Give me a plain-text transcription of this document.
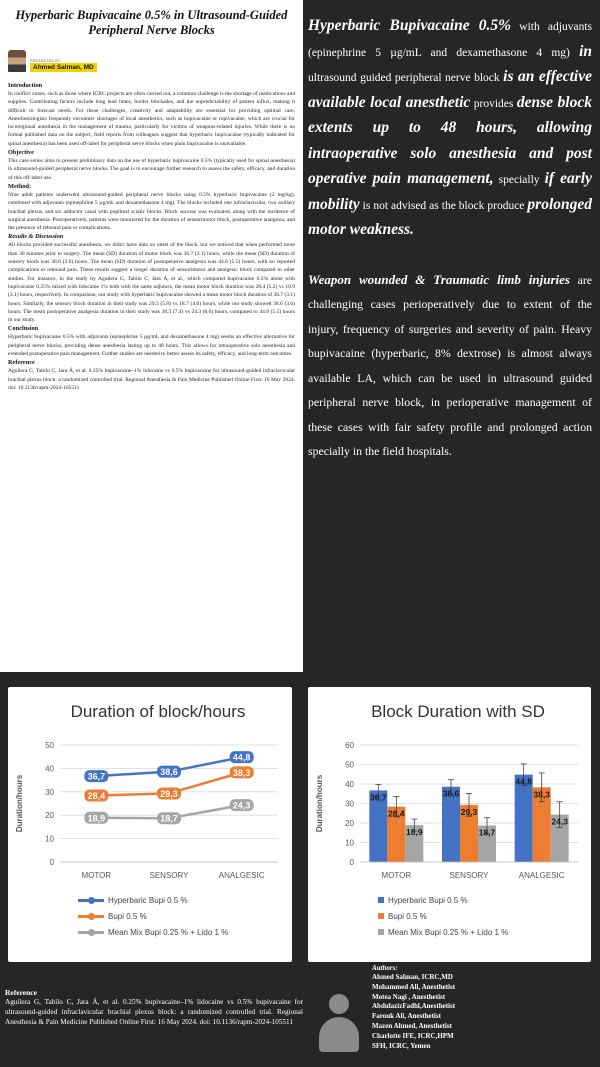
Hyperbaric Bupivacaine 0.5% in Ultrasound-Guided Peripheral Nerve Blocks
PRESENTED BY
Ahmed Salman, MD
Introduction
In conflict zones, such as those where ICRC projects are often carried out, a common challenge is the shortage of medications and supplies. Contributing factors include long lead times, border blockades, and the unpredictability of patient influx, making it difficult to forecast needs. For these challenges, creativity and adaptability are essential for providing optimal care. Anesthesiologists frequently encounter shortages of local anesthetics, such as bupivacaine or ropivacaine, which are crucial for locoregional anesthesia in the management of trauma, particularly for victims of weapons-related injuries. While there is no formal published data on the subject, field reports from colleagues suggest that hyperbaric bupivacaine (typically indicated for spinal anesthesia) has been used off-label for peripheral nerve blocks when plain bupivacaine is unavailable.
Objective
This case series aims to present preliminary data on the use of hyperbaric bupivacaine 0.5% (typically used for spinal anesthesia) in ultrasound-guided peripheral nerve blocks. The goal is to encourage further research to assess the safety, efficacy, and duration of this off-label use.
Method:
Nine adult patients underwent ultrasound-guided peripheral nerve blocks using 0.5% hyperbaric bupivacaine (2 mg/kg), combined with adjuvants (epinephrine 5 µg/mL and dexamethasone 4 mg). The blocks included one infraclavicular, two axillary brachial plexus, and six adductor canal with popliteal sciatic blocks. Block success was evaluated, along with the incidence of surgical anesthesia. Postoperatively, patients were monitored for the duration of sensorimotor block, postoperative analgesia, and the presence of rebound pain or complications.
Results & Discussion
All blocks provided successful anesthesia, we didn't have data on onset of the block, but we noticed that when performed more than 30 minutes prior to surgery. The mean (SD) duration of motor block was 36.7 (3.1) hours, while the mean (SD) duration of sensory block was 38.6 (3.6) hours. The mean (SD) duration of postoperative analgesia was 44.8 (5.5) hours, with no reported complications or rebound pain. These results suggest a longer duration of sensorimotor and analgesic block compared to other studies. For instance, in the study by Aguilera G, Tabilo C, Jara Á, et al., which compared bupivacaine 0.5% alone with bupivacaine 0.25% mixed with lidocaine 1% both with the same adjuncts, the mean motor block duration was 28.4 (5.2) vs 18.9 (3.1) hours, respectively. In comparison, our study with hyperbaric bupivacaine showed a mean motor block duration of 36.7 (3.1) hours. Similarly, the sensory block duration in their study was 29.3 (5.8) vs 18.7 (4.0) hours, while our study showed 38.6 (3.6) hours. The mean postoperative analgesia duration in their study was 38.3 (7.4) vs 24.3 (6.6) hours, compared to 44.8 (5.5) hours in our study.
Conclusion
Hyperbaric bupivacaine 0.5% with adjuvants (epinephrine 5 µg/mL and dexamethasone 4 mg) seems an effective alternative for peripheral nerve blocks, providing dense anesthesia lasting up to 48 hours. This allows for intraoperative solo anesthesia and extended postoperative pain management. Further studies are needed to better assess its safety, efficacy, and long-term outcomes.
Reference
Aguilera G, Tabilo C, Jara Á, et al. 0.25% bupivacaine–1% lidocaine vs 0.5% bupivacaine for ultrasound-guided infraclavicular brachial plexus block: a randomized controlled trial. Regional Anesthesia & Pain Medicine Published Online First: 16 May 2024. doi: 10.1136/rapm-2024-105511

Hyperbaric Bupivacaine 0.5% with adjuvants (epinephrine 5 µg/mL and dexamethasone 4 mg) in ultrasound guided peripheral nerve block is an effective available local anesthetic provides dense block extents up to 48 hours, allowing intraoperative solo anesthesia and post operative pain management, specially if early mobility is not advised as the block produce prolonged motor weakness.

Weapon wounded & Traumatic limb injuries are challenging cases perioperatively due to extent of the injury, frequency of surgeries and severity of pain. Heavy bupivacaine (hyperbaric, 8% dextrose) is almost always available LA, which can be used in ultrasound guided peripheral nerve block, in perioperative management of these cases with fair safety profile and prolonged action specially in the field hospitals.

Duration of block/hours
0
10
20
30
40
50
Duration/hours
MOTOR	SENSORY	ANALGESIC
36,7	38,6
44,8
28,4	29,3
38,3
18,9	18,7
24,3
Hyperbaric Bupi 0.5 %
Bupi 0.5 %
Mean Mix Bupi 0.25 % + Lido 1 %
Block Duration with SD
0
10
20
30
40
50
60
Duration/hours
MOTOR	SENSORY	ANALGESIC
36,7	38,6
44,8
28,4	29,3
38,3
18,9	18,7
24,3
Hyperbaric Bupi 0.5 %
Bupi 0.5 %
Mean Mix Bupi 0.25 % + Lido 1 %
Reference
Aguilera G, Tabilo C, Jara Á, et al. 0.25% bupivacaine–1% lidocaine vs 0.5% bupivacaine for ultrasound-guided infraclavicular brachial plexus block: a randomized controlled trial. Regional Anesthesia & Pain Medicine Published Online First: 16 May 2024. doi: 10.1136/rapm-2024-105511
Authors:
Ahmed Salman, ICRC,MD
Mohammed Ali, Anesthetist
Motea Nagi , Anesthetist
AbdulazizFadhl,Anesthetist
Farouk Ali, Anesthetist
Mazen Ahmed, Anesthetist
Charlotte IFE, ICRC,HPM
SFH, ICRC, Yemen
